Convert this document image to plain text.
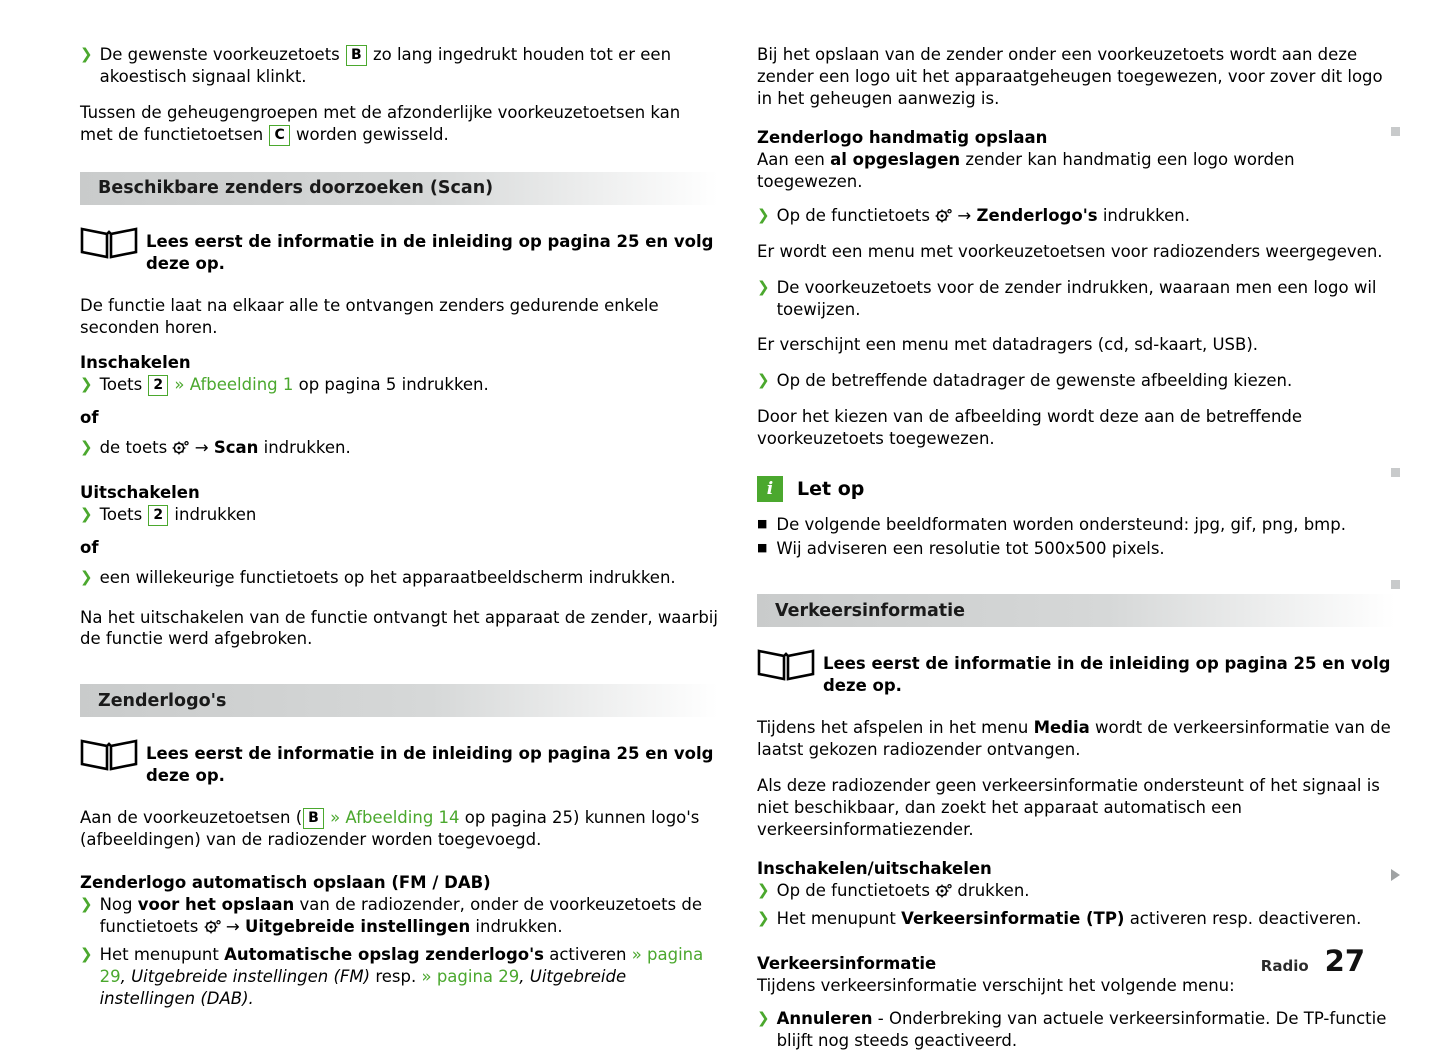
❯ De gewenste voorkeuzetoets B zo lang ingedrukt houden tot er een akoestisch signaal klinkt.

Tussen de geheugengroepen met de afzonderlijke voorkeuzetoetsen kan met de functietoetsen C worden gewisseld.

Beschikbare zenders doorzoeken (Scan)
Lees eerst de informatie in de inleiding op pagina 25 en volg deze op.

De functie laat na elkaar alle te ontvangen zenders gedurende enkele seconden horen.

Inschakelen
❯ Toets 2 » Afbeelding 1 op pagina 5 indrukken.
of
❯ de toets
→ Scan indrukken.
Uitschakelen
❯ Toets 2 indrukken
of
❯ een willekeurige functietoets op het apparaatbeeldscherm indrukken.

Na het uitschakelen van de functie ontvangt het apparaat de zender, waarbij de functie werd afgebroken.

Zenderlogo's
Lees eerst de informatie in de inleiding op pagina 25 en volg deze op.

Aan de voorkeuzetoetsen ( B » Afbeelding 14 op pagina 25) kunnen logo's (afbeeldingen) van de radiozender worden toegevoegd.

Zenderlogo automatisch opslaan (FM / DAB)
❯ Nog voor het opslaan van de radiozender, onder de voorkeuzetoets de functietoets
→ Uitgebreide instellingen indrukken.
❯ Het menupunt Automatische opslag zenderlogo's activeren » pagina 29, Uitgebreide instellingen (FM) resp. » pagina 29, Uitgebreide instellingen (DAB).

Bij het opslaan van de zender onder een voorkeuzetoets wordt aan deze zender een logo uit het apparaatgeheugen toegewezen, voor zover dit logo in het geheugen aanwezig is.

Zenderlogo handmatig opslaan

Aan een al opgeslagen zender kan handmatig een logo worden toegewezen.

❯ Op de functietoets
→ Zenderlogo's indrukken.

Er wordt een menu met voorkeuzetoetsen voor radiozenders weergegeven.

❯ De voorkeuzetoets voor de zender indrukken, waaraan men een logo wil toewijzen.

Er verschijnt een menu met datadragers (cd, sd-kaart, USB).

❯ Op de betreffende datadrager de gewenste afbeelding kiezen.

Door het kiezen van de afbeelding wordt deze aan de betreffende voorkeuzetoets toegewezen.

i	Let op
■ De volgende beeldformaten worden ondersteund: jpg, gif, png, bmp.
■ Wij adviseren een resolutie tot 500x500 pixels.
Verkeersinformatie
Lees eerst de informatie in de inleiding op pagina 25 en volg deze op.

Tijdens het afspelen in het menu Media wordt de verkeersinformatie van de laatst gekozen radiozender ontvangen.

Als deze radiozender geen verkeersinformatie ondersteunt of het signaal is niet beschikbaar, dan zoekt het apparaat automatisch een verkeersinformatiezender.

Inschakelen/uitschakelen
❯ Op de functietoets
drukken.
❯ Het menupunt Verkeersinformatie (TP) activeren resp. deactiveren.
Verkeersinformatie

Tijdens verkeersinformatie verschijnt het volgende menu:

❯ Annuleren - Onderbreking van actuele verkeersinformatie. De TP-functie blijft nog steeds geactiveerd.
Radio 27
